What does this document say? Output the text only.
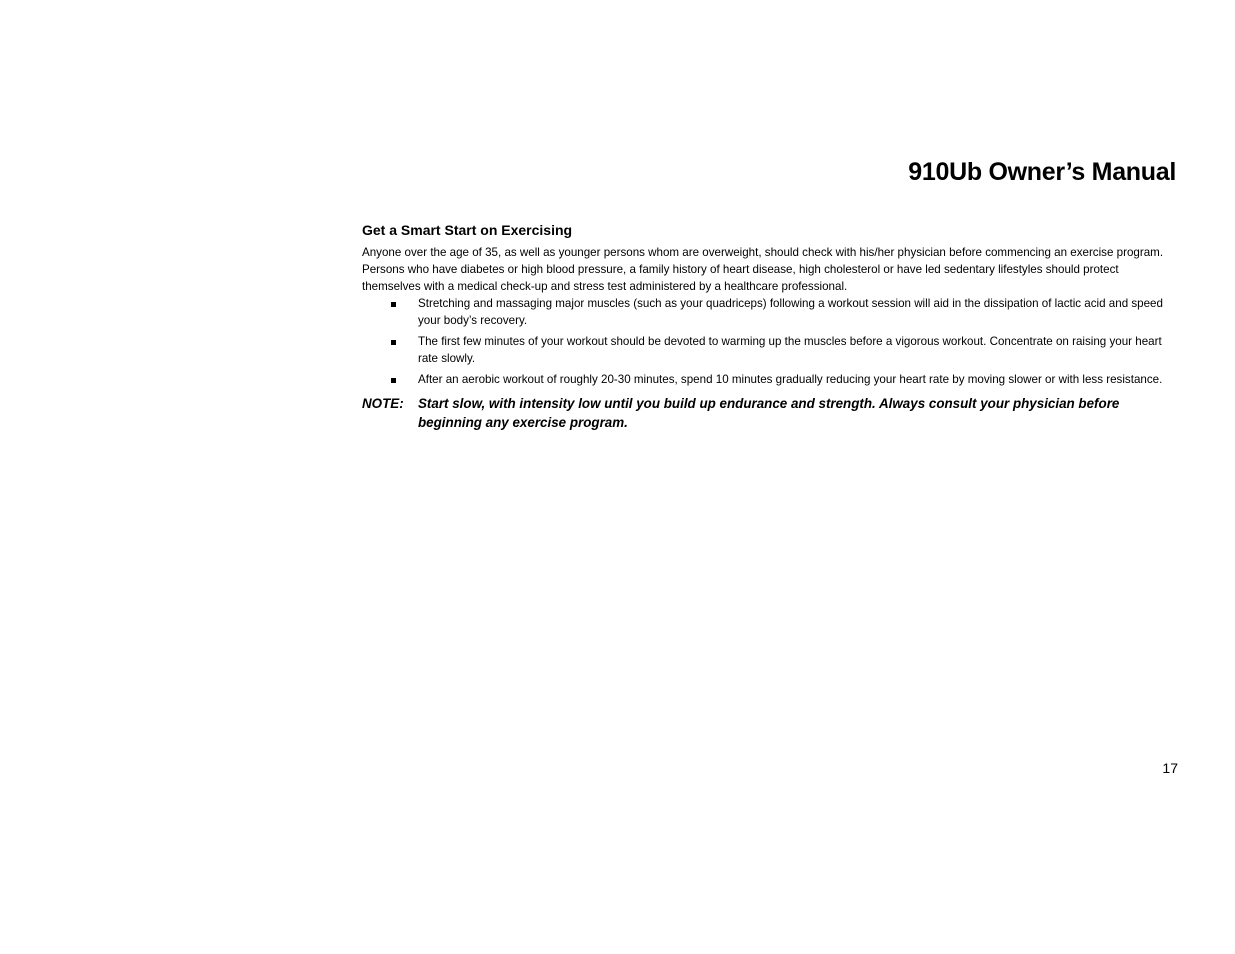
910Ub Owner’s Manual
Get a Smart Start on Exercising

Anyone over the age of 35, as well as younger persons whom are overweight, should check with his/her physician before commencing an exercise program. Persons who have diabetes or high blood pressure, a family history of heart disease, high cholesterol or have led sedentary lifestyles should protect themselves with a medical check-up and stress test administered by a healthcare professional.

Stretching and massaging major muscles (such as your quadriceps) following a workout session will aid in the dissipation of lactic acid and speed your body’s recovery.
The first few minutes of your workout should be devoted to warming up the muscles before a vigorous workout. Concentrate on raising your heart rate slowly.
After an aerobic workout of roughly 20-30 minutes, spend 10 minutes gradually reducing your heart rate by moving slower or with less resistance.
NOTE: Start slow, with intensity low until you build up endurance and strength. Always consult your physician before beginning any exercise program.

17
